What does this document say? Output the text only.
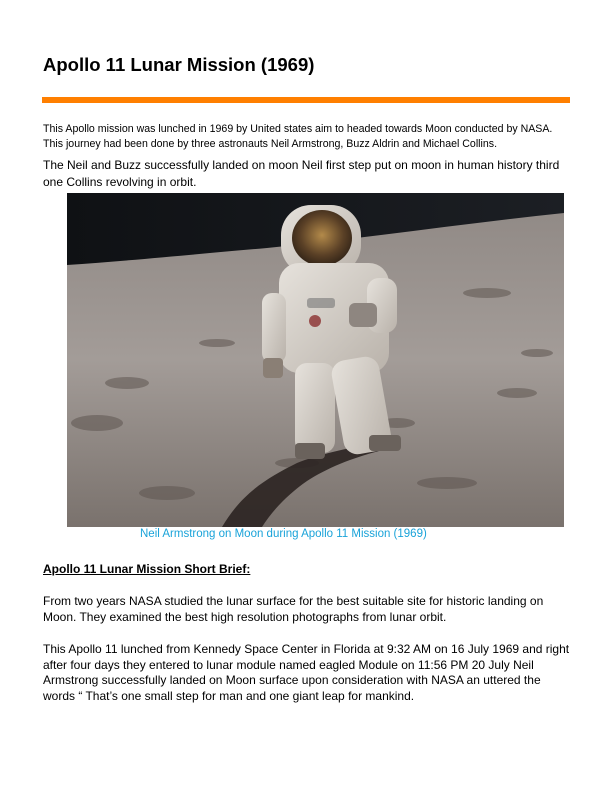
Apollo 11 Lunar Mission (1969)
This Apollo mission was lunched in 1969 by United states aim to headed towards Moon conducted by NASA. This journey had been done by three astronauts Neil Armstrong, Buzz Aldrin and Michael Collins.
The Neil and Buzz successfully landed on moon Neil first step put on moon in human history third one Collins revolving in orbit.
Neil Armstrong on Moon during Apollo 11 Mission (1969)
Apollo 11 Lunar Mission Short Brief:
From two years NASA studied the lunar surface for the best suitable site for historic landing on Moon. They examined the best high resolution photographs from lunar orbit.
This Apollo 11 lunched from Kennedy Space Center in Florida at 9:32 AM on 16 July 1969 and right after four days they entered to lunar module named eagled Module on 11:56 PM 20 July Neil Armstrong successfully landed on Moon surface upon consideration with NASA an uttered the words “ That’s one small step for man and one giant leap for mankind.
